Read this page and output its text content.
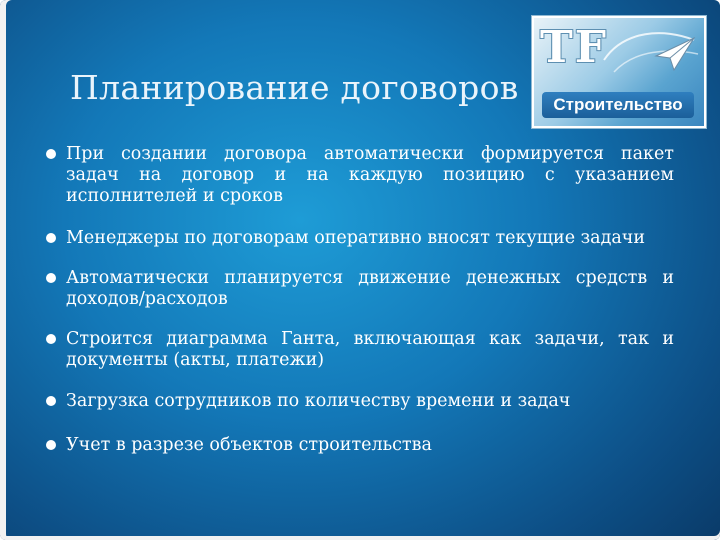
Планирование договоров
TF
Строительство
При создании договора автоматически формируется пакет задач на договор и на каждую позицию с указанием исполнителей и сроков
Менеджеры по договорам оперативно вносят текущие задачи
Автоматически планируется движение денежных средств и доходов/расходов
Строится диаграмма Ганта, включающая как задачи, так и документы (акты, платежи)
Загрузка сотрудников по количеству времени и задач
Учет в разрезе объектов строительства
